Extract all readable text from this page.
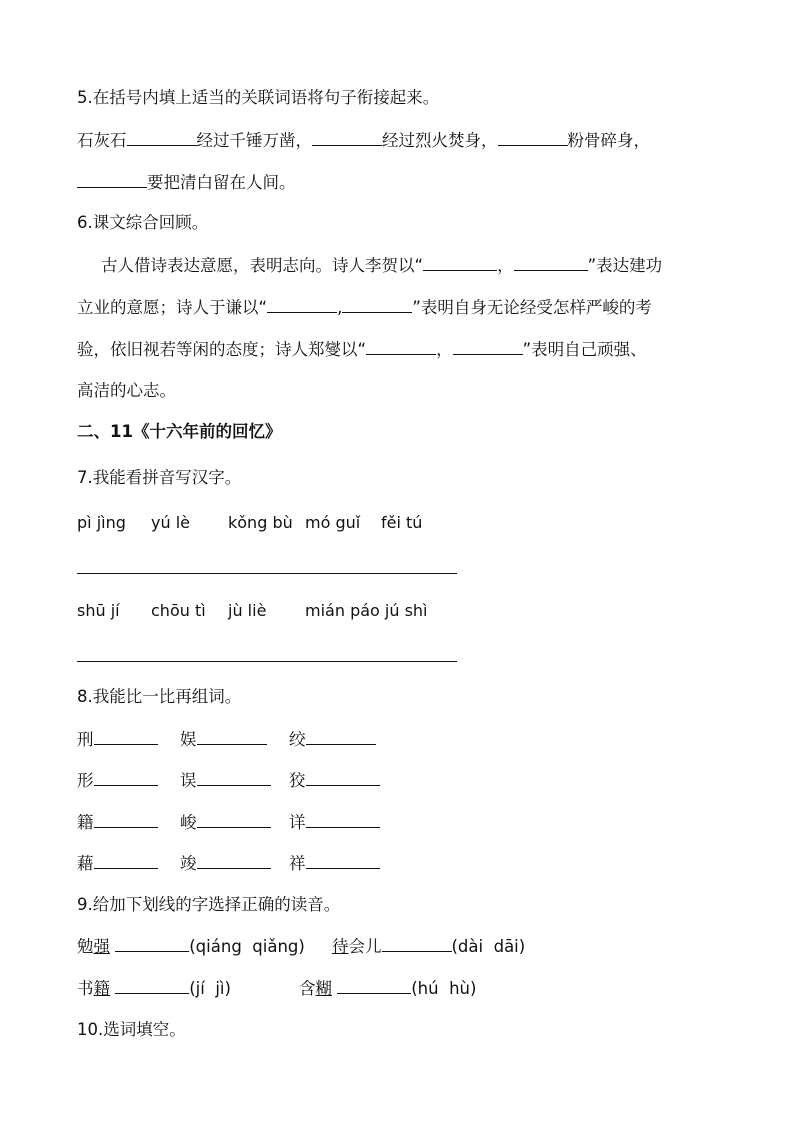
5.在括号内填上适当的关联词语将句子衔接起来。
石灰石	经过千锤万凿，	经过烈火焚身，	粉骨碎身，
要把清白留在人间。
6.课文综合回顾。
古人借诗表达意愿，表明志向。诗人李贺以“	，	”表达建功
立业的意愿；诗人于谦以“	,	”表明自身无论经受怎样严峻的考
验，依旧视若等闲的态度；诗人郑燮以“	，	”表明自己顽强、
高洁的心志。
二、11《十六年前的回忆》
7.我能看拼音写汉字。
pì jìng yú lè kǒng bù mó guǐ fěi tú
shū jí chōu tì jù liè mián páo jú shì
8.我能比一比再组词。
刑	娱	绞
形	误	狡
籍	峻	详
藉	竣	祥
9.给加下划线的字选择正确的读音。
勉强	(qiáng  qiǎng) 待会儿	(dài  dāi)
书籍	(jí  jì)	含糊	(hú  hù)
10.选词填空。
